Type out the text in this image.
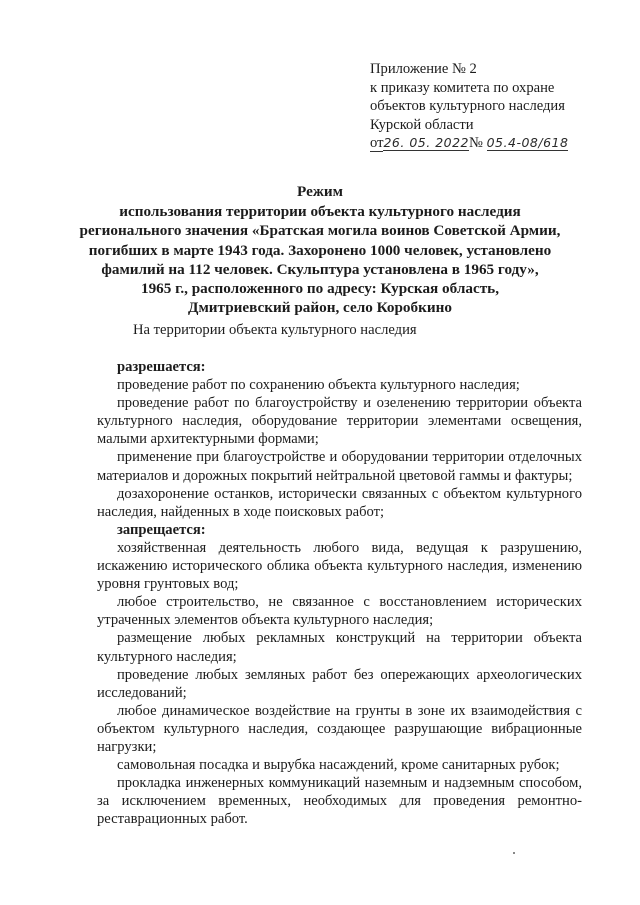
Приложение № 2
к приказу комитета по охране
объектов культурного наследия
Курской области
от26. 05. 2022№ 05.4-08/618
Режим
использования территории объекта культурного наследия
регионального значения «Братская могила воинов Советской Армии,
погибших в марте 1943 года. Захоронено 1000 человек, установлено
фамилий на 112 человек. Скульптура установлена в 1965 году»,
1965 г., расположенного по адресу: Курская область,
Дмитриевский район, село Коробкино
На территории объекта культурного наследия
разрешается:
проведение работ по сохранению объекта культурного наследия;
проведение работ по благоустройству и озеленению территории объекта культурного наследия, оборудование территории элементами освещения, малыми архитектурными формами;
применение при благоустройстве и оборудовании территории отделочных материалов и дорожных покрытий нейтральной цветовой гаммы и фактуры;
дозахоронение останков, исторически связанных с объектом культурного наследия, найденных в ходе поисковых работ;
запрещается:
хозяйственная деятельность любого вида, ведущая к разрушению, искажению исторического облика объекта культурного наследия, изменению уровня грунтовых вод;
любое строительство, не связанное с восстановлением исторических утраченных элементов объекта культурного наследия;
размещение любых рекламных конструкций на территории объекта культурного наследия;
проведение любых земляных работ без опережающих археологических исследований;
любое динамическое воздействие на грунты в зоне их взаимодействия с объектом культурного наследия, создающее разрушающие вибрационные нагрузки;
самовольная посадка и вырубка насаждений, кроме санитарных рубок;
прокладка инженерных коммуникаций наземным и надземным способом, за исключением временных, необходимых для проведения ремонтно-реставрационных работ.
